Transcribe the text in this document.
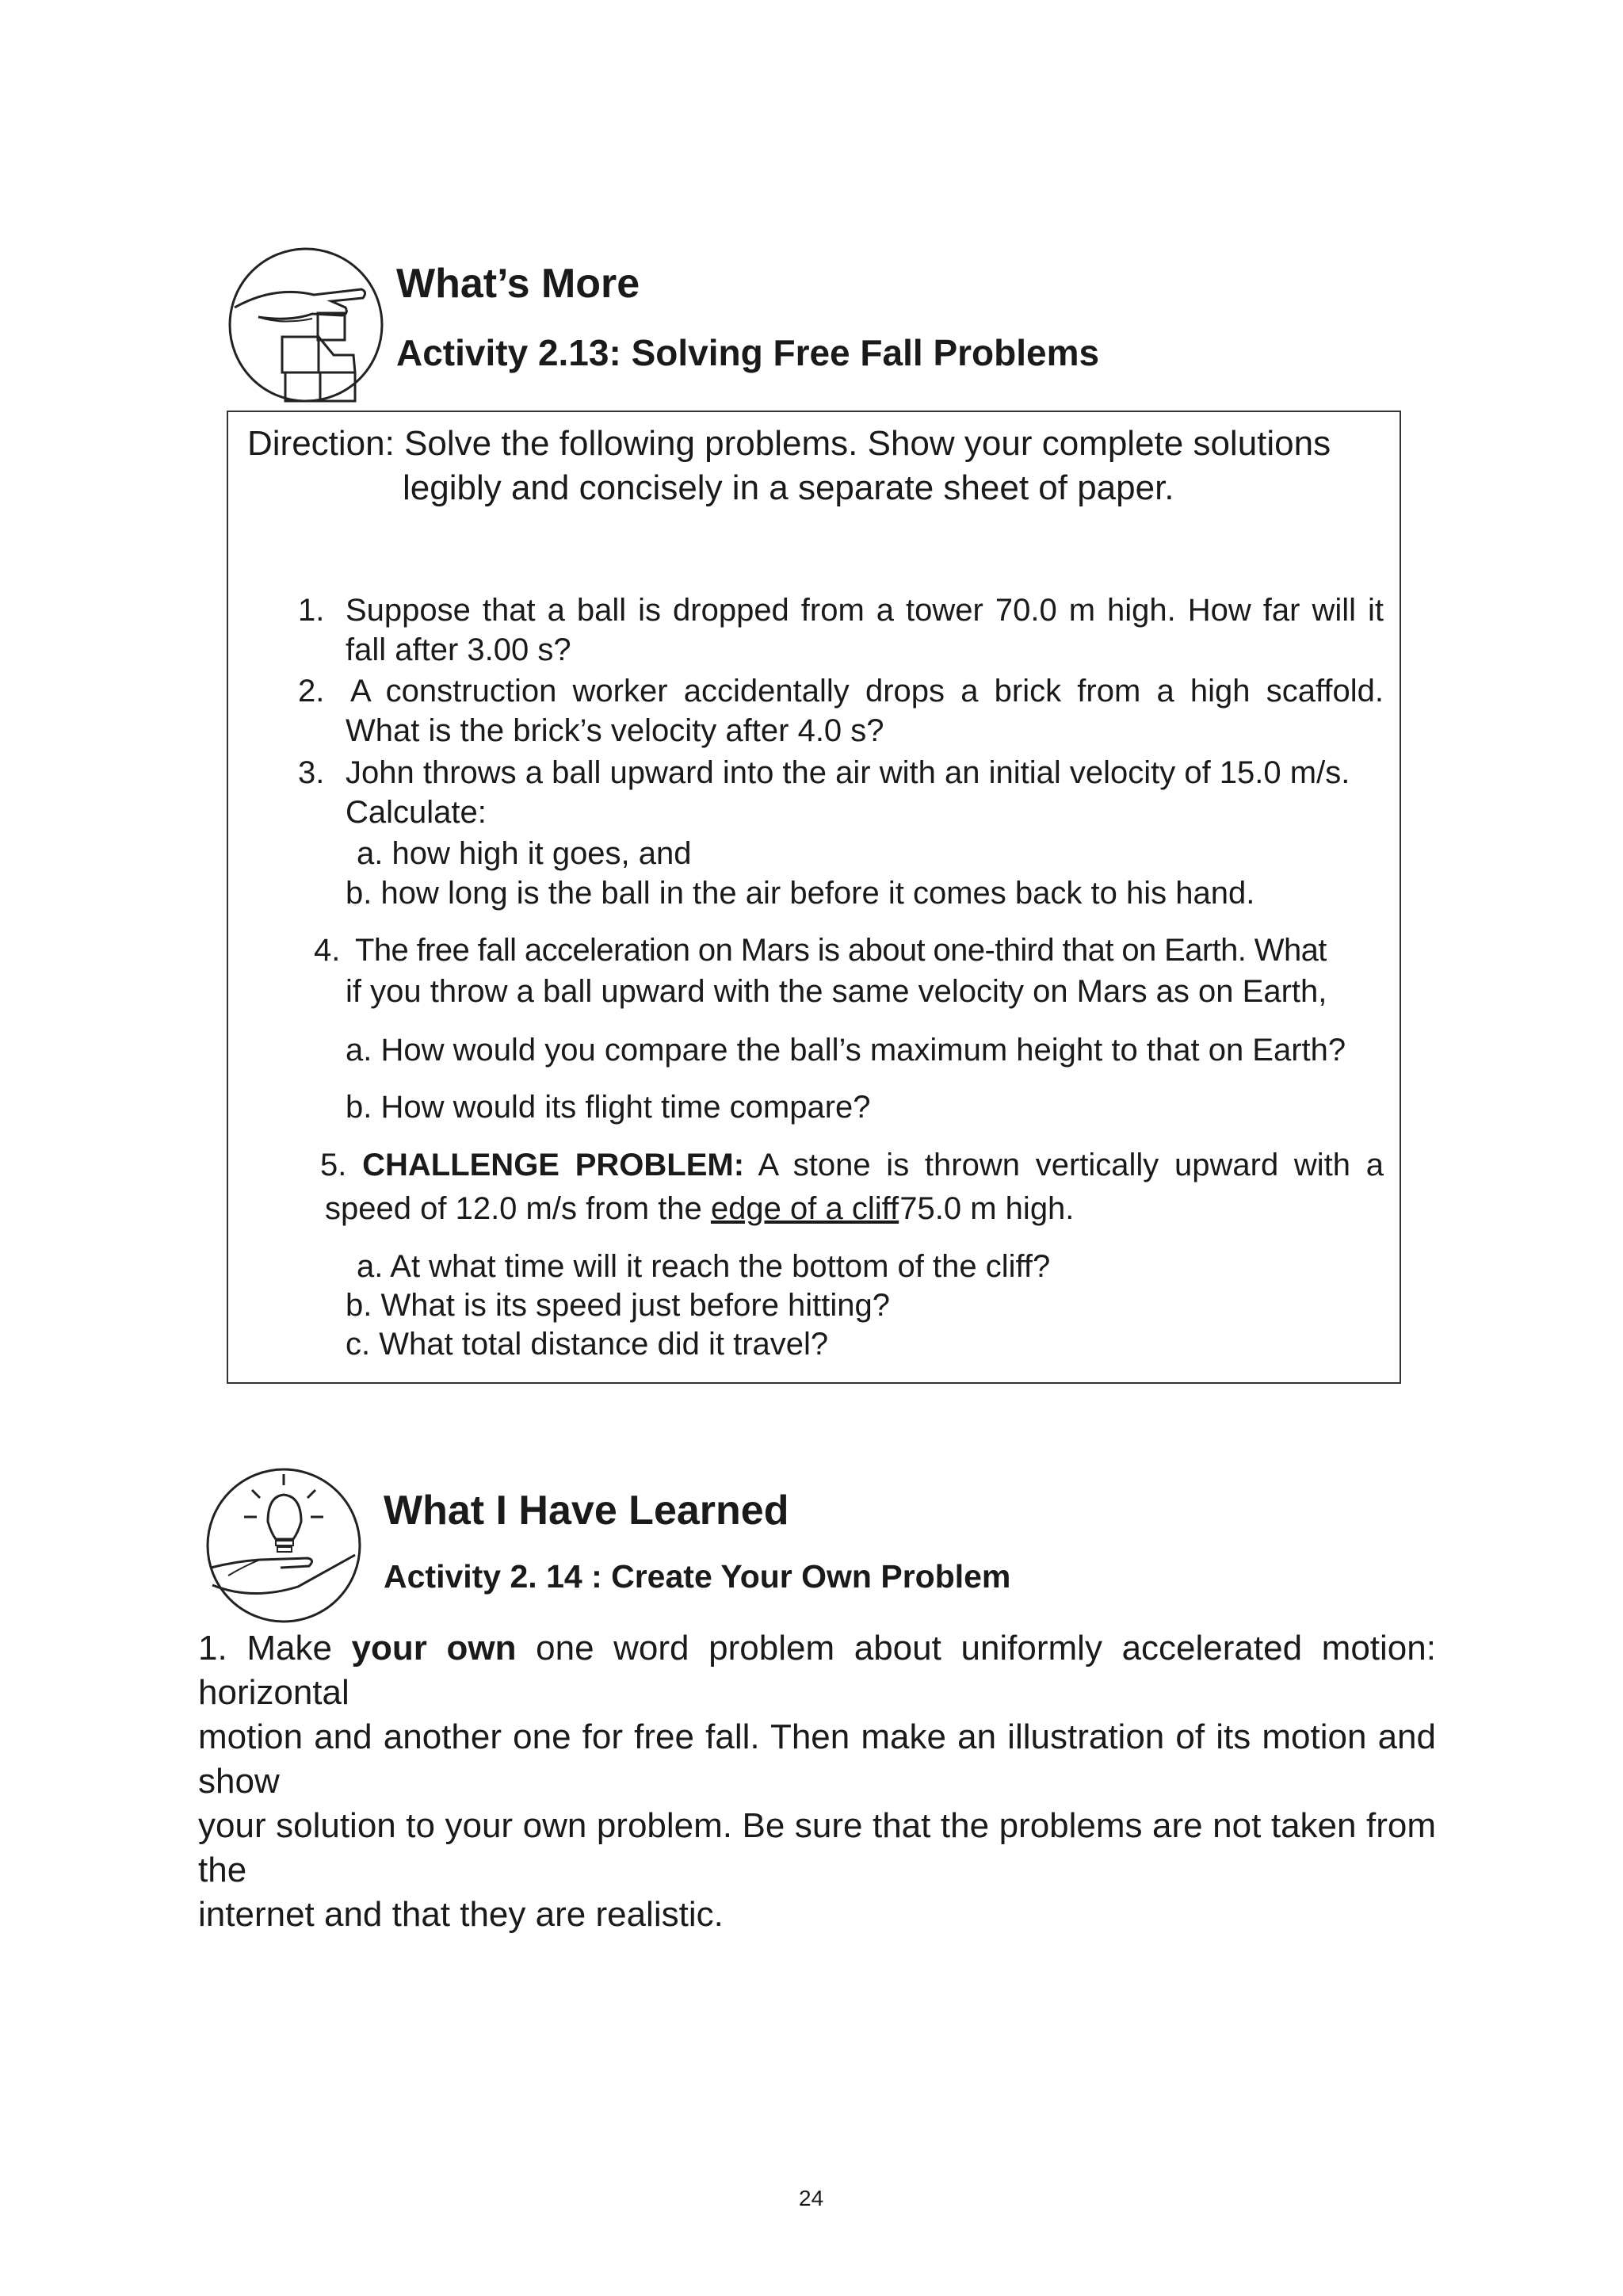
What’s More
Activity 2.13: Solving Free Fall Problems
Direction: Solve the following problems. Show your complete solutions
legibly and concisely in a separate sheet of paper.
1. Suppose that a ball is dropped from a tower 70.0 m high. How far will it
fall after 3.00 s?
2. A construction worker accidentally drops a brick from a high scaffold.
What is the brick’s velocity after 4.0 s?
3. John throws a ball upward into the air with an initial velocity of 15.0 m/s.
Calculate:
a. how high it goes, and
b. how long is the ball in the air before it comes back to his hand.
4. The free fall acceleration on Mars is about one-third that on Earth. What
if you throw a ball upward with the same velocity on Mars as on Earth,
a. How would you compare the ball’s maximum height to that on Earth?
b. How would its flight time compare?
5. CHALLENGE PROBLEM: A stone is thrown vertically upward with a
speed of 12.0 m/s from the edge of a cliff 75.0 m high.
a. At what time will it reach the bottom of the cliff?
b. What is its speed just before hitting?
c. What total distance did it travel?
What I Have Learned
Activity 2. 14 : Create Your Own Problem
1. Make your own one word problem about uniformly accelerated motion: horizontal
motion and another one for free fall. Then make an illustration of its motion and show
your solution to your own problem. Be sure that the problems are not taken from the
internet and that they are realistic.
24
